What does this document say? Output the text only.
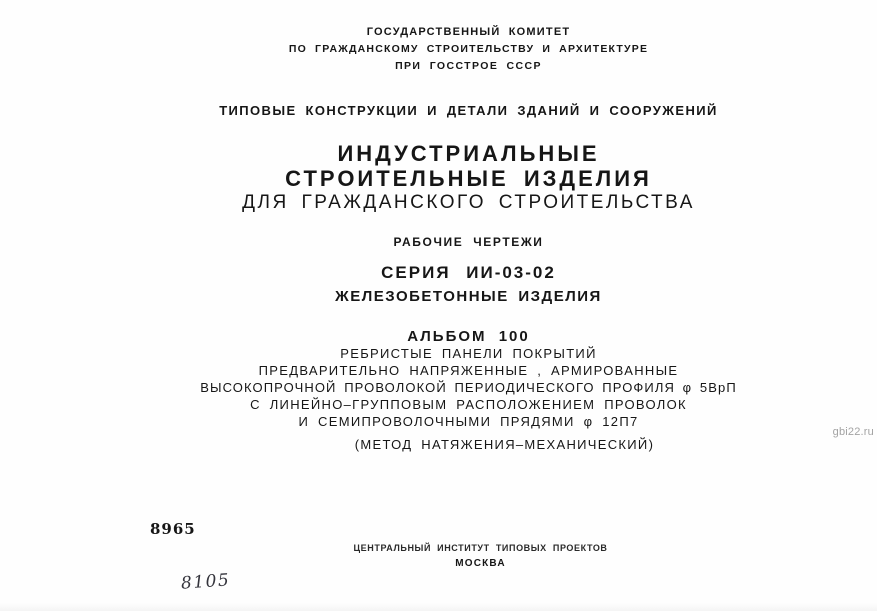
ГОСУДАРСТВЕННЫЙ КОМИТЕТ
ПО ГРАЖДАНСКОМУ СТРОИТЕЛЬСТВУ И АРХИТЕКТУРЕ
ПРИ ГОССТРОЕ СССР
ТИПОВЫЕ КОНСТРУКЦИИ И ДЕТАЛИ ЗДАНИЙ И СООРУЖЕНИЙ
ИНДУСТРИАЛЬНЫЕ
СТРОИТЕЛЬНЫЕ ИЗДЕЛИЯ
ДЛЯ ГРАЖДАНСКОГО СТРОИТЕЛЬСТВА
РАБОЧИЕ ЧЕРТЕЖИ
СЕРИЯ ИИ-03-02
ЖЕЛЕЗОБЕТОННЫЕ ИЗДЕЛИЯ
АЛЬБОМ 100
РЕБРИСТЫЕ ПАНЕЛИ ПОКРЫТИЙ
ПРЕДВАРИТЕЛЬНО НАПРЯЖЕННЫЕ , АРМИРОВАННЫЕ
ВЫСОКОПРОЧНОЙ ПРОВОЛОКОЙ ПЕРИОДИЧЕСКОГО ПРОФИЛЯ φ 5ВрП
С ЛИНЕЙНО–ГРУППОВЫМ РАСПОЛОЖЕНИЕМ ПРОВОЛОК
И СЕМИПРОВОЛОЧНЫМИ ПРЯДЯМИ φ 12П7
(МЕТОД НАТЯЖЕНИЯ–МЕХАНИЧЕСКИЙ)
8965
ЦЕНТРАЛЬНЫЙ ИНСТИТУТ ТИПОВЫХ ПРОЕКТОВ
МОСКВА
8105
gbi22.ru
